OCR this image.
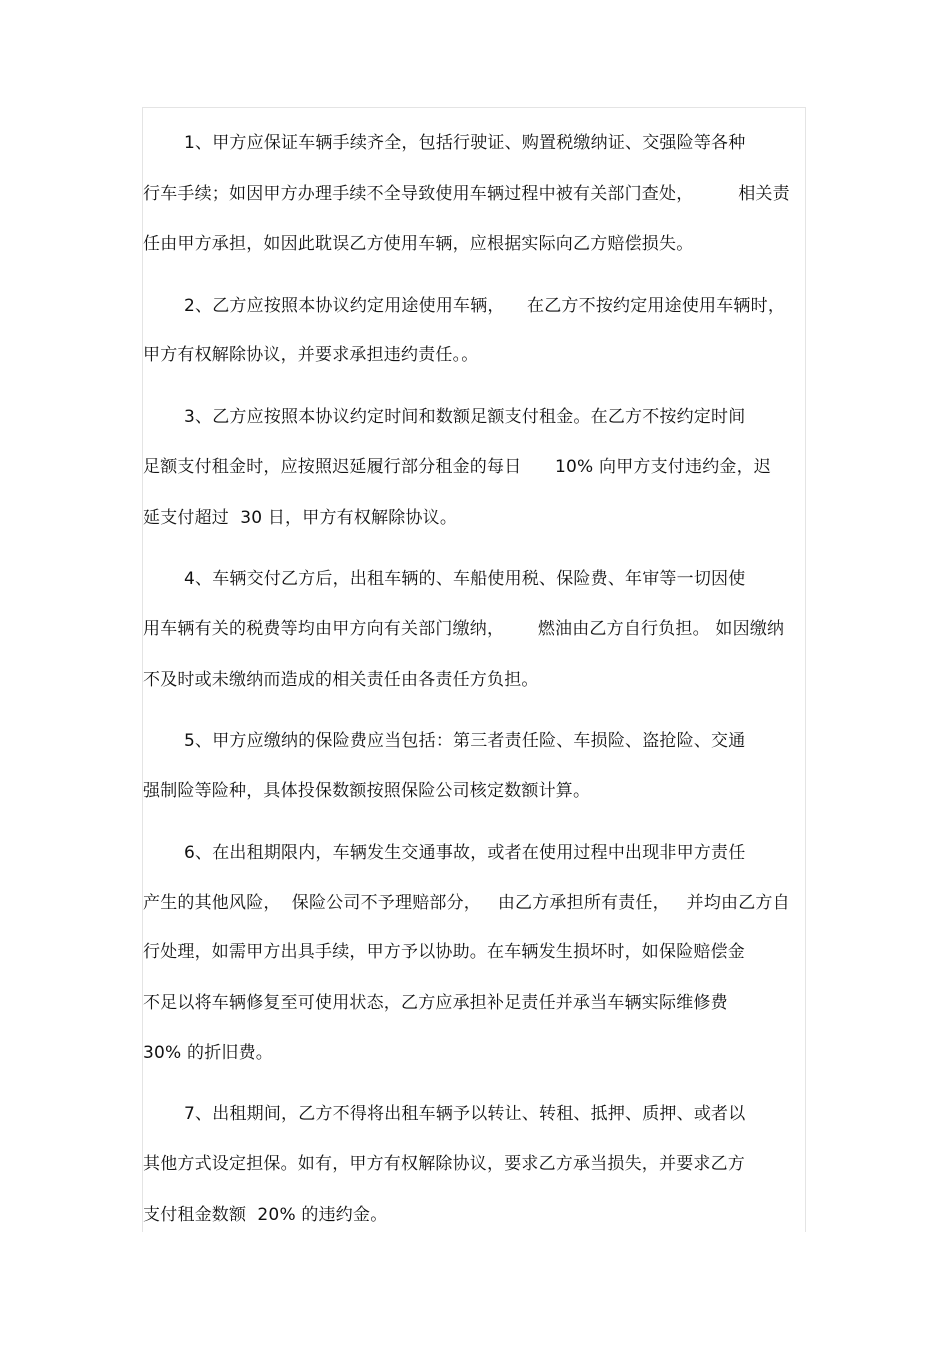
1、甲方应保证车辆手续齐全，包括行驶证、购置税缴纳证、交强险等各种
行车手续；如因甲方办理手续不全导致使用车辆过程中被有关部门查处，        相关责
任由甲方承担，如因此耽误乙方使用车辆，应根据实际向乙方赔偿损失。
2、乙方应按照本协议约定用途使用车辆，    在乙方不按约定用途使用车辆时，
甲方有权解除协议，并要求承担违约责任。。
3、乙方应按照本协议约定时间和数额足额支付租金。在乙方不按约定时间
足额支付租金时，应按照迟延履行部分租金的每日      10% 向甲方支付违约金，迟
延支付超过  30 日，甲方有权解除协议。
4、车辆交付乙方后，出租车辆的、车船使用税、保险费、年审等一切因使
用车辆有关的税费等均由甲方向有关部门缴纳，      燃油由乙方自行负担。 如因缴纳
不及时或未缴纳而造成的相关责任由各责任方负担。
5、甲方应缴纳的保险费应当包括：第三者责任险、车损险、盗抢险、交通
强制险等险种，具体投保数额按照保险公司核定数额计算。
6、在出租期限内，车辆发生交通事故，或者在使用过程中出现非甲方责任
产生的其他风险，  保险公司不予理赔部分，   由乙方承担所有责任，   并均由乙方自
行处理，如需甲方出具手续，甲方予以协助。在车辆发生损坏时，如保险赔偿金
不足以将车辆修复至可使用状态，乙方应承担补足责任并承当车辆实际维修费
30% 的折旧费。
7、出租期间，乙方不得将出租车辆予以转让、转租、抵押、质押、或者以
其他方式设定担保。如有，甲方有权解除协议，要求乙方承当损失，并要求乙方
支付租金数额  20% 的违约金。
